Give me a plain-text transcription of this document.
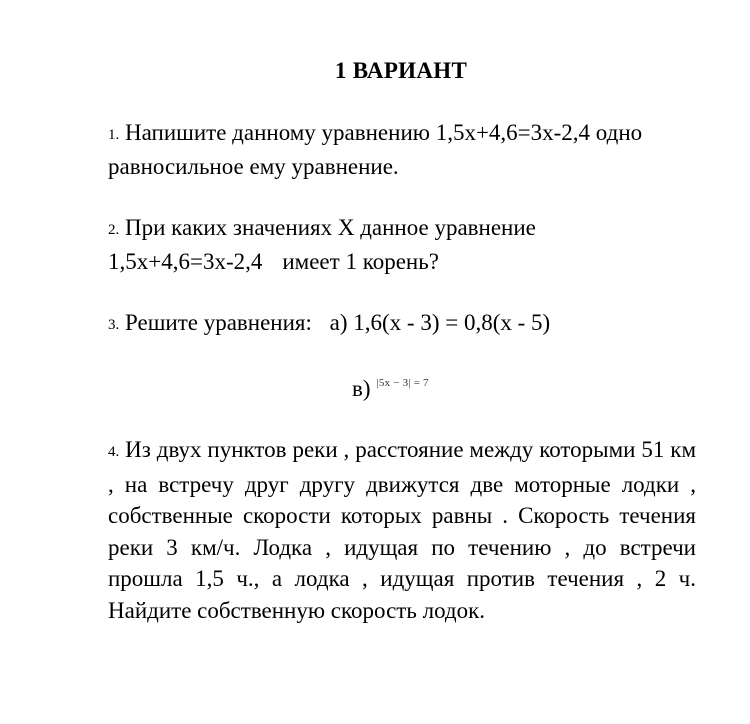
1 ВАРИАНТ
1. Напишите данному уравнению 1,5x+4,6=3x-2,4 одно равносильное ему уравнение.
2. При каких значениях Х данное уравнение
1,5x+4,6=3x-2,4 имеет 1 корень?
3. Решите уравнения: а) 1,6(x - 3) = 0,8(x - 5)
в) $^{|5x - 3| = 7}$
4. Из двух пунктов реки , расстояние между которыми 51 км , на встречу друг другу движутся две моторные лодки , собственные скорости которых равны . Скорость течения реки 3 км/ч. Лодка , идущая по течению , до встречи прошла 1,5 ч., а лодка , идущая против течения , 2 ч. Найдите собственную скорость лодок.
